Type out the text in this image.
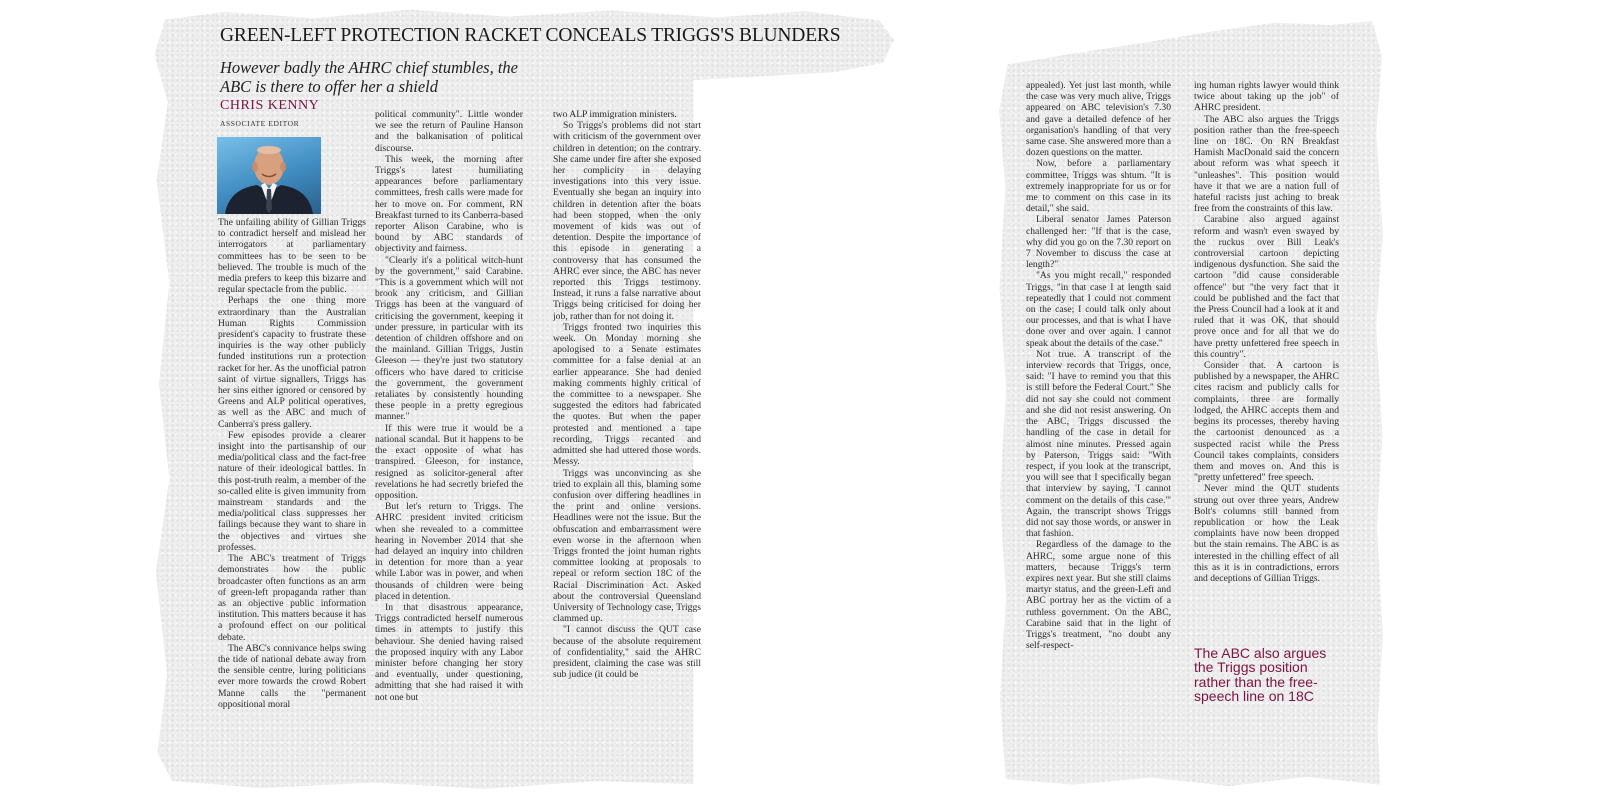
GREEN-LEFT PROTECTION RACKET CONCEALS TRIGGS'S BLUNDERS
However badly the AHRC chief stumbles, the ABC is there to offer her a shield
CHRIS KENNY
ASSOCIATE EDITOR

The unfailing ability of Gillian Triggs to contradict herself and mislead her interrogators at parliamentary committees has to be seen to be believed. The trouble is much of the media prefers to keep this bizarre and regular spectacle from the public.

Perhaps the one thing more extraordinary than the Australian Human Rights Commission president's capacity to frustrate these inquiries is the way other publicly funded institutions run a protection racket for her. As the unofficial patron saint of virtue signallers, Triggs has her sins either ignored or censored by Greens and ALP political operatives, as well as the ABC and much of Canberra's press gallery.

Few episodes provide a clearer insight into the partisanship of our media/political class and the fact-free nature of their ideological battles. In this post-truth realm, a member of the so-called elite is given immunity from mainstream standards and the media/political class suppresses her failings because they want to share in the objectives and virtues she professes.

The ABC's treatment of Triggs demonstrates how the public broadcaster often functions as an arm of green-left propaganda rather than as an objective public information institution. This matters because it has a profound effect on our political debate.

The ABC's connivance helps swing the tide of national debate away from the sensible centre, luring politicians ever more towards the crowd Robert Manne calls the "permanent oppositional moral

political community". Little wonder we see the return of Pauline Hanson and the balkanisation of political discourse.

This week, the morning after Triggs's latest humiliating appearances before parliamentary committees, fresh calls were made for her to move on. For comment, RN Breakfast turned to its Canberra-based reporter Alison Carabine, who is bound by ABC standards of objectivity and fairness.

"Clearly it's a political witch-hunt by the government," said Carabine. "This is a government which will not brook any criticism, and Gillian Triggs has been at the vanguard of criticising the government, keeping it under pressure, in particular with its detention of children offshore and on the mainland. Gillian Triggs, Justin Gleeson — they're just two statutory officers who have dared to criticise the government, the government retaliates by consistently hounding these people in a pretty egregious manner."

If this were true it would be a national scandal. But it happens to be the exact opposite of what has transpired. Gleeson, for instance, resigned as solicitor-general after revelations he had secretly briefed the opposition.

But let's return to Triggs. The AHRC president invited criticism when she revealed to a committee hearing in November 2014 that she had delayed an inquiry into children in detention for more than a year while Labor was in power, and when thousands of children were being placed in detention.

In that disastrous appearance, Triggs contradicted herself numerous times in attempts to justify this behaviour. She denied having raised the proposed inquiry with any Labor minister before changing her story and eventually, under questioning, admitting that she had raised it with not one but

two ALP immigration ministers.

So Triggs's problems did not start with criticism of the government over children in detention; on the contrary. She came under fire after she exposed her complicity in delaying investigations into this very issue. Eventually she began an inquiry into children in detention after the boats had been stopped, when the only movement of kids was out of detention. Despite the importance of this episode in generating a controversy that has consumed the AHRC ever since, the ABC has never reported this Triggs testimony. Instead, it runs a false narrative about Triggs being criticised for doing her job, rather than for not doing it.

Triggs fronted two inquiries this week. On Monday morning she apologised to a Senate estimates committee for a false denial at an earlier appearance. She had denied making comments highly critical of the committee to a newspaper. She suggested the editors had fabricated the quotes. But when the paper protested and mentioned a tape recording, Triggs recanted and admitted she had uttered those words. Messy.

Triggs was unconvincing as she tried to explain all this, blaming some confusion over differing headlines in the print and online versions. Headlines were not the issue. But the obfuscation and embarrassment were even worse in the afternoon when Triggs fronted the joint human rights committee looking at proposals to repeal or reform section 18C of the Racial Discrimination Act. Asked about the controversial Queensland University of Technology case, Triggs clammed up.

"I cannot discuss the QUT case because of the absolute requirement of confidentiality," said the AHRC president, claiming the case was still sub judice (it could be

appealed). Yet just last month, while the case was very much alive, Triggs appeared on ABC television's 7.30 and gave a detailed defence of her organisation's handling of that very same case. She answered more than a dozen questions on the matter.

Now, before a parliamentary committee, Triggs was shtum. "It is extremely inappropriate for us or for me to comment on this case in its detail," she said.

Liberal senator James Paterson challenged her: "If that is the case, why did you go on the 7.30 report on 7 November to discuss the case at length?"

"As you might recall," responded Triggs, "in that case I at length said repeatedly that I could not comment on the case; I could talk only about our processes, and that is what I have done over and over again. I cannot speak about the details of the case."

Not true. A transcript of the interview records that Triggs, once, said: "I have to remind you that this is still before the Federal Court." She did not say she could not comment and she did not resist answering. On the ABC, Triggs discussed the handling of the case in detail for almost nine minutes. Pressed again by Paterson, Triggs said: "With respect, if you look at the transcript, you will see that I specifically began that interview by saying, 'I cannot comment on the details of this case.'" Again, the transcript shows Triggs did not say those words, or answer in that fashion.

Regardless of the damage to the AHRC, some argue none of this matters, because Triggs's term expires next year. But she still claims martyr status, and the green-Left and ABC portray her as the victim of a ruthless government. On the ABC, Carabine said that in the light of Triggs's treatment, "no doubt any self-respect-

ing human rights lawyer would think twice about taking up the job" of AHRC president.

The ABC also argues the Triggs position rather than the free-speech line on 18C. On RN Breakfast Hamish MacDonald said the concern about reform was what speech it "unleashes". This position would have it that we are a nation full of hateful racists just aching to break free from the constraints of this law.

Carabine also argued against reform and wasn't even swayed by the ruckus over Bill Leak's controversial cartoon depicting indigenous dysfunction. She said the cartoon "did cause considerable offence" but "the very fact that it could be published and the fact that the Press Council had a look at it and ruled that it was OK, that should prove once and for all that we do have pretty unfettered free speech in this country".

Consider that. A cartoon is published by a newspaper, the AHRC cites racism and publicly calls for complaints, three are formally lodged, the AHRC accepts them and begins its processes, thereby having the cartoonist denounced as a suspected racist while the Press Council takes complaints, considers them and moves on. And this is "pretty unfettered" free speech.

Never mind the QUT students strung out over three years, Andrew Bolt's columns still banned from republication or how the Leak complaints have now been dropped but the stain remains. The ABC is as interested in the chilling effect of all this as it is in contradictions, errors and deceptions of Gillian Triggs.

The ABC also argues the Triggs position rather than the free-speech line on 18C
